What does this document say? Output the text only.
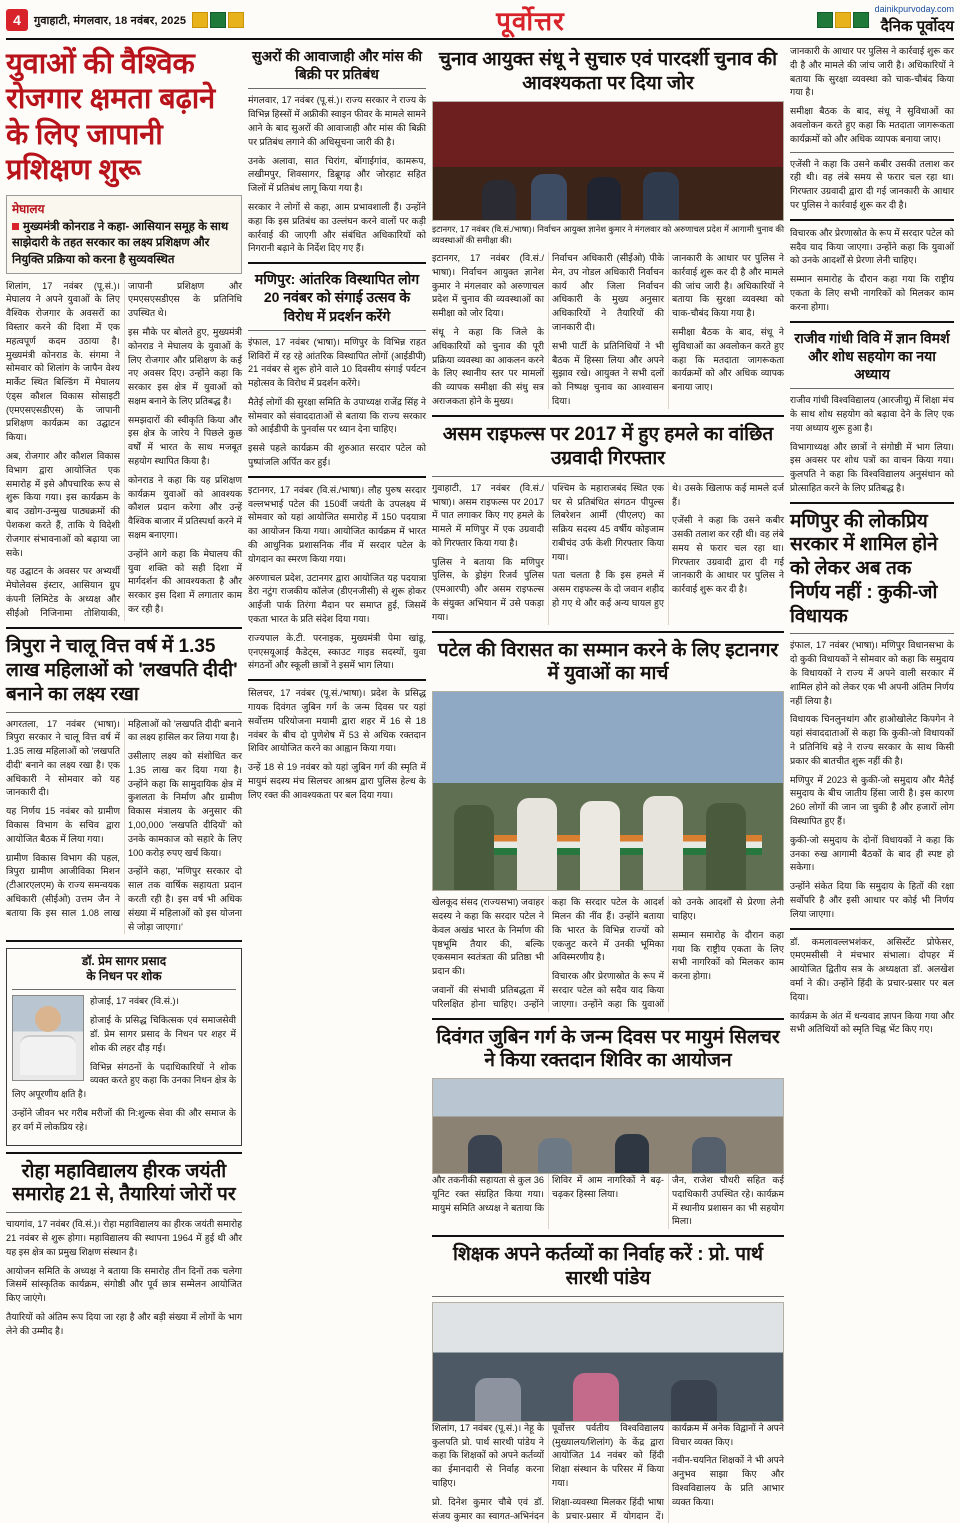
4	गुवाहाटी, मंगलवार, 18 नवंबर, 2025	पूर्वोत्तर	dainikpurvoday.com
दैनिक पूर्वोदय
युवाओं की वैश्विक रोजगार क्षमता बढ़ाने के लिए जापानी प्रशिक्षण शुरू
मेघालय

मुख्यमंत्री कोनराड ने कहा- आसियान समूह के साथ साझेदारी के तहत सरकार का लक्ष्य प्रशिक्षण और नियुक्ति प्रक्रिया को करना है सुव्यवस्थित

शिलांग, 17 नवंबर (पू.सं.)। मेघालय ने अपने युवाओं के लिए वैश्विक रोजगार के अवसरों का विस्तार करने की दिशा में एक महत्वपूर्ण कदम उठाया है। मुख्यमंत्री कोनराड के. संगमा ने सोमवार को शिलांग के जापैन वेश्य मार्केट स्थित बिल्डिंग में मेघालय एंड्स कौशल विकास सोसाइटी (एमएसएसडीएस) के जापानी प्रशिक्षण कार्यक्रम का उद्घाटन किया।

अब, रोजगार और कौशल विकास विभाग द्वारा आयोजित एक समारोह में इसे औपचारिक रूप से शुरू किया गया। इस कार्यक्रम के बाद उद्योग-उन्मुख पाठ्यक्रमों की पेशकश करते हैं, ताकि ये विदेशी रोजगार संभावनाओं को बढ़ाया जा सके।

यह उद्घाटन के अवसर पर अभ्यर्थी मेघोलेवस इंस्टार, आसियान ग्रुप कंपनी लिमिटेड के अध्यक्ष और सीईओ निजिनामा तोशियाकी, जापानी प्रशिक्षण और एमएसएसडीएस के प्रतिनिधि उपस्थित थे।

इस मौके पर बोलते हुए, मुख्यमंत्री कोनराड ने मेघालय के युवाओं के लिए रोजगार और प्रशिक्षण के कई नए अवसर दिए। उन्होंने कहा कि सरकार इस क्षेत्र में युवाओं को सक्षम बनाने के लिए प्रतिबद्ध है।

समझदारों की स्वीकृति किया और इस क्षेत्र के जारेय ने पिछले कुछ वर्षों में भारत के साथ मजबूत सहयोग स्थापित किया है।

कोनराड ने कहा कि यह प्रशिक्षण कार्यक्रम युवाओं को आवश्यक कौशल प्रदान करेगा और उन्हें वैश्विक बाजार में प्रतिस्पर्धा करने में सक्षम बनाएगा।

उन्होंने आगे कहा कि मेघालय की युवा शक्ति को सही दिशा में मार्गदर्शन की आवश्यकता है और सरकार इस दिशा में लगातार काम कर रही है।

त्रिपुरा ने चालू वित्त वर्ष में 1.35 लाख महिलाओं को 'लखपति दीदी' बनाने का लक्ष्य रखा

अगरतला, 17 नवंबर (भाषा)। त्रिपुरा सरकार ने चालू वित्त वर्ष में 1.35 लाख महिलाओं को 'लखपति दीदी' बनाने का लक्ष्य रखा है। एक अधिकारी ने सोमवार को यह जानकारी दी।

यह निर्णय 15 नवंबर को ग्रामीण विकास विभाग के सचिव द्वारा आयोजित बैठक में लिया गया।

ग्रामीण विकास विभाग की पहल, त्रिपुरा ग्रामीण आजीविका मिशन (टीआरएलएम) के राज्य समन्वयक अधिकारी (सीईओ) उत्तम जैन ने बताया कि इस साल 1.08 लाख महिलाओं को 'लखपति दीदी' बनाने का लक्ष्य हासिल कर लिया गया है।

उसीलाए लक्ष्य को संशोधित कर 1.35 लाख कर दिया गया है। उन्होंने कहा कि सामुदायिक क्षेत्र में कुशलता के निर्माण और ग्रामीण विकास मंत्रालय के अनुसार की 1,00,000 'लखपति दीदियों' को उनके कामकाज को सहारे के लिए 100 करोड़ रुपए खर्च किया।

उन्होंने कहा, 'मणिपुर सरकार दो साल तक वार्षिक सहायता प्रदान करती रही है। इस वर्ष भी अधिक संख्या में महिलाओं को इस योजना से जोड़ा जाएगा।'

डॉ. प्रेम सागर प्रसाद
के निधन पर शोक

होजाई, 17 नवंबर (वि.सं.)।

होजाई के प्रसिद्ध चिकित्सक एवं समाजसेवी डॉ. प्रेम सागर प्रसाद के निधन पर शहर में शोक की लहर दौड़ गई।

विभिन्न संगठनों के पदाधिकारियों ने शोक व्यक्त करते हुए कहा कि उनका निधन क्षेत्र के लिए अपूरणीय क्षति है।

उन्होंने जीवन भर गरीब मरीजों की नि:शुल्क सेवा की और समाज के हर वर्ग में लोकप्रिय रहे।

रोहा महाविद्यालय हीरक जयंती समारोह 21 से, तैयारियां जोरों पर

चायगांव, 17 नवंबर (वि.सं.)। रोहा महाविद्यालय का हीरक जयंती समारोह 21 नवंबर से शुरू होगा। महाविद्यालय की स्थापना 1964 में हुई थी और यह इस क्षेत्र का प्रमुख शिक्षण संस्थान है।

आयोजन समिति के अध्यक्ष ने बताया कि समारोह तीन दिनों तक चलेगा जिसमें सांस्कृतिक कार्यक्रम, संगोष्ठी और पूर्व छात्र सम्मेलन आयोजित किए जाएंगे।

तैयारियों को अंतिम रूप दिया जा रहा है और बड़ी संख्या में लोगों के भाग लेने की उम्मीद है।

सुअरों की आवाजाही और मांस की बिक्री पर प्रतिबंध

मंगलवार, 17 नवंबर (पू.सं.)। राज्य सरकार ने राज्य के विभिन्न हिस्सों में अफ्रीकी स्वाइन फीवर के मामले सामने आने के बाद सुअरों की आवाजाही और मांस की बिक्री पर प्रतिबंध लगाने की अधिसूचना जारी की है।

उनके अलावा, सात चिरांग, बोंगाईगांव, कामरूप, लखीमपुर, शिवसागर, डिब्रूगढ़ और जोरहाट सहित जिलों में प्रतिबंध लागू किया गया है।

सरकार ने लोगों से कहा, आम प्रभावशाली हैं। उन्होंने कहा कि इस प्रतिबंध का उल्लंघन करने वालों पर कड़ी कार्रवाई की जाएगी और संबंधित अधिकारियों को निगरानी बढ़ाने के निर्देश दिए गए हैं।

मणिपुर: आंतरिक विस्थापित लोग 20 नवंबर को संगाई उत्सव के विरोध में प्रदर्शन करेंगे

इंफाल, 17 नवंबर (भाषा)। मणिपुर के विभिन्न राहत शिविरों में रह रहे आंतरिक विस्थापित लोगों (आईडीपी) 21 नवंबर से शुरू होने वाले 10 दिवसीय संगाई पर्यटन महोत्सव के विरोध में प्रदर्शन करेंगे।

मैतेई लोगों की सुरक्षा समिति के उपाध्यक्ष राजेंद्र सिंह ने सोमवार को संवाददाताओं से बताया कि राज्य सरकार को आईडीपी के पुनर्वास पर ध्यान देना चाहिए।

इससे पहले कार्यक्रम की शुरुआत सरदार पटेल को पुष्पांजलि अर्पित कर हुई।

इटानगर, 17 नवंबर (वि.सं./भाषा)। लौह पुरुष सरदार वल्लभभाई पटेल की 150वीं जयंती के उपलक्ष्य में सोमवार को यहां आयोजित समारोह में 150 पदयात्रा का आयोजन किया गया। आयोजित कार्यक्रम में भारत की आधुनिक प्रशासनिक नींव में सरदार पटेल के योगदान का स्मरण किया गया।

अरुणाचल प्रदेश, उटानगर द्वारा आयोजित यह पदयात्रा डेरा नटुंग राजकीय कॉलेज (डीएनजीसी) से शुरू होकर आईजी पार्क तिरंगा मैदान पर समाप्त हुई, जिसमें एकता भारत के प्रति संदेश दिया गया।

राज्यपाल के.टी. परनाइक, मुख्यमंत्री पेमा खांडू, एनएसयूआई कैडेट्स, स्काउट गाइड सदस्यों, युवा संगठनों और स्कूली छात्रों ने इसमें भाग लिया।

सिलचर, 17 नवंबर (पू.सं./भाषा)। प्रदेश के प्रसिद्ध गायक दिवंगत जुबिन गर्ग के जन्म दिवस पर यहां सर्वोत्तम परियोजना मयामी द्वारा शहर में 16 से 18 नवंबर के बीच दो पुणेशेष में 53 से अधिक रक्तदान शिविर आयोजित करने का आह्वान किया गया।

उन्हें 18 से 19 नवंबर को यहां जुबिन गर्ग की स्मृति में मायुमं सदस्य मंच सिलचर आश्रम द्वारा पुलिस हेल्थ के लिए रक्त की आवश्यकता पर बल दिया गया।

चुनाव आयुक्त संधू ने सुचारु एवं पारदर्शी चुनाव की आवश्यकता पर दिया जोर

इटानगर, 17 नवंबर (वि.सं./भाषा)। निर्वाचन आयुक्त ज्ञानेश कुमार ने मंगलवार को अरुणाचल प्रदेश में आगामी चुनाव की व्यवस्थाओं की समीक्षा की।

इटानगर, 17 नवंबर (वि.सं./भाषा)। निर्वाचन आयुक्त ज्ञानेश कुमार ने मंगलवार को अरुणाचल प्रदेश में चुनाव की व्यवस्थाओं का समीक्षा को जोर दिया।

संधू ने कहा कि जिले के अधिकारियों को चुनाव की पूरी प्रक्रिया व्यवस्था का आकलन करने के लिए स्थानीय स्तर पर मामलों की व्यापक समीक्षा की संधु सत्र अराजकता होने के मुख्य।

निर्वाचन अधिकारी (सीईओ) पीके मेन, उप नोडल अधिकारी निर्वाचन कार्य और जिला निर्वाचन अधिकारी के मुख्य अनुसार अधिकारियों ने तैयारियों की जानकारी दी।

सभी पार्टी के प्रतिनिधियों ने भी बैठक में हिस्सा लिया और अपने सुझाव रखे। आयुक्त ने सभी दलों को निष्पक्ष चुनाव का आश्वासन दिया।

जानकारी के आधार पर पुलिस ने कार्रवाई शुरू कर दी है और मामले की जांच जारी है। अधिकारियों ने बताया कि सुरक्षा व्यवस्था को चाक-चौबंद किया गया है।

समीक्षा बैठक के बाद, संधू ने सुविधाओं का अवलोकन करते हुए कहा कि मतदाता जागरूकता कार्यक्रमों को और अधिक व्यापक बनाया जाए।

असम राइफल्स पर 2017 में हुए हमले का वांछित उग्रवादी गिरफ्तार

गुवाहाटी, 17 नवंबर (वि.सं./भाषा)। असम राइफल्स पर 2017 में पात लगाकर किए गए हमले के मामले में मणिपुर में एक उग्रवादी को गिरफ्तार किया गया है।

पुलिस ने बताया कि मणिपुर पुलिस, के ड्रोइंग रिजर्व पुलिस (एमआरपी) और असम राइफल्स के संयुक्त अभियान में उसे पकड़ा गया।

पश्चिम के महाराजबंद स्थित एक घर से प्रतिबंधित संगठन पीपुल्स लिबरेशन आर्मी (पीएलए) का सक्रिय सदस्य 45 वर्षीय कोइजाम राबीचंद उर्फ केशी गिरफ्तार किया गया।

पता चलता है कि इस हमले में असम राइफल्स के दो जवान शहीद हो गए थे और कई अन्य घायल हुए थे। उसके खिलाफ कई मामले दर्ज हैं।

एजेंसी ने कहा कि उसने कबीर उसकी तलाश कर रही थी। वह लंबे समय से फरार चल रहा था। गिरफ्तार उग्रवादी द्वारा दी गई जानकारी के आधार पर पुलिस ने कार्रवाई शुरू कर दी है।

पटेल की विरासत का सम्मान करने के लिए इटानगर में युवाओं का मार्च

खेलकूद संसद (राज्यसभा) जवाहर सदस्य ने कहा कि सरदार पटेल ने केवल अखंड भारत के निर्माण की पृष्ठभूमि तैयार की, बल्कि एकसमान स्वतंत्रता की प्रतिष्ठा भी प्रदान की।

जवानों की संभावी प्रतिबद्धता में परिलक्षित होना चाहिए। उन्होंने कहा कि सरदार पटेल के आदर्श मिलन की नींव हैं। उन्होंने बताया कि भारत के विभिन्न राज्यों को एकजुट करने में उनकी भूमिका अविस्मरणीय है।

विचारक और प्रेरणास्रोत के रूप में सरदार पटेल को सदैव याद किया जाएगा। उन्होंने कहा कि युवाओं को उनके आदर्शों से प्रेरणा लेनी चाहिए।

सम्मान समारोह के दौरान कहा गया कि राष्ट्रीय एकता के लिए सभी नागरिकों को मिलकर काम करना होगा।

दिवंगत जुबिन गर्ग के जन्म दिवस पर मायुमं सिलचर ने किया रक्तदान शिविर का आयोजन

और तकनीकी सहायता से कुल 36 यूनिट रक्त संग्रहित किया गया। मायुमं समिति अध्यक्ष ने बताया कि शिविर में आम नागरिकों ने बढ़-चढ़कर हिस्सा लिया।

जैन, राजेश चौधरी सहित कई पदाधिकारी उपस्थित रहे। कार्यक्रम में स्थानीय प्रशासन का भी सहयोग मिला।

शिक्षक अपने कर्तव्यों का निर्वाह करें : प्रो. पार्थ सारथी पांडेय

शिलांग, 17 नवंबर (पू.सं.)। नेहू के कुलपति प्रो. पार्थ सारथी पांडेय ने कहा कि शिक्षकों को अपने कर्तव्यों का ईमानदारी से निर्वाह करना चाहिए।

प्रो. दिनेश कुमार चौबे एवं डॉ. संजय कुमार का स्वागत-अभिनंदन पूर्वोत्तर पर्वतीय विश्वविद्यालय (मुख्यालय/शिलांग) के केंद्र द्वारा आयोजित 14 नवंबर को हिंदी शिक्षा संस्थान के परिसर में किया गया।

शिक्षा-व्यवस्था मिलकर हिंदी भाषा के प्रचार-प्रसार में योगदान दें। कार्यक्रम में अनेक विद्वानों ने अपने विचार व्यक्त किए।

नवीन-चयनित शिक्षकों ने भी अपने अनुभव साझा किए और विश्वविद्यालय के प्रति आभार व्यक्त किया।

जानकारी के आधार पर पुलिस ने कार्रवाई शुरू कर दी है और मामले की जांच जारी है। अधिकारियों ने बताया कि सुरक्षा व्यवस्था को चाक-चौबंद किया गया है।

समीक्षा बैठक के बाद, संधू ने सुविधाओं का अवलोकन करते हुए कहा कि मतदाता जागरूकता कार्यक्रमों को और अधिक व्यापक बनाया जाए।

एजेंसी ने कहा कि उसने कबीर उसकी तलाश कर रही थी। वह लंबे समय से फरार चल रहा था। गिरफ्तार उग्रवादी द्वारा दी गई जानकारी के आधार पर पुलिस ने कार्रवाई शुरू कर दी है।

विचारक और प्रेरणास्रोत के रूप में सरदार पटेल को सदैव याद किया जाएगा। उन्होंने कहा कि युवाओं को उनके आदर्शों से प्रेरणा लेनी चाहिए।

सम्मान समारोह के दौरान कहा गया कि राष्ट्रीय एकता के लिए सभी नागरिकों को मिलकर काम करना होगा।

राजीव गांधी विवि में ज्ञान विमर्श और शोध सहयोग का नया अध्याय

राजीव गांधी विश्वविद्यालय (आरजीयू) में शिक्षा मंच के साथ शोध सहयोग को बढ़ावा देने के लिए एक नया अध्याय शुरू हुआ है।

विभागाध्यक्ष और छात्रों ने संगोष्ठी में भाग लिया। इस अवसर पर शोध पत्रों का वाचन किया गया। कुलपति ने कहा कि विश्वविद्यालय अनुसंधान को प्रोत्साहित करने के लिए प्रतिबद्ध है।

मणिपुर की लोकप्रिय सरकार में शामिल होने को लेकर अब तक निर्णय नहीं : कुकी-जो विधायक

इंफाल, 17 नवंबर (भाषा)। मणिपुर विधानसभा के दो कुकी विधायकों ने सोमवार को कहा कि समुदाय के विधायकों ने राज्य में अपने वाली सरकार में शामिल होने को लेकर एक भी अपनी अंतिम निर्णय नहीं लिया है।

विधायक चिनलुनथांग और हाओखोलेट किपगेन ने यहां संवाददाताओं से कहा कि कुकी-जो विधायकों ने प्रतिनिधि बड़े ने राज्य सरकार के साथ किसी प्रकार की बातचीत शुरू नहीं की है।

मणिपुर में 2023 से कुकी-जो समुदाय और मैतेई समुदाय के बीच जातीय हिंसा जारी है। इस कारण 260 लोगों की जान जा चुकी है और हजारों लोग विस्थापित हुए हैं।

कुकी-जो समुदाय के दोनों विधायकों ने कहा कि उनका रुख आगामी बैठकों के बाद ही स्पष्ट हो सकेगा।

उन्होंने संकेत दिया कि समुदाय के हितों की रक्षा सर्वोपरि है और इसी आधार पर कोई भी निर्णय लिया जाएगा।

डॉ. कमलावल्लभशंकर, असिस्टेंट प्रोफेसर, एमएमसीसी ने मंचभार संभाला। दोपहर में आयोजित द्वितीय सत्र के अध्यक्षता डॉ. अलखेश वर्मा ने की। उन्होंने हिंदी के प्रचार-प्रसार पर बल दिया।

कार्यक्रम के अंत में धन्यवाद ज्ञापन किया गया और सभी अतिथियों को स्मृति चिह्न भेंट किए गए।
